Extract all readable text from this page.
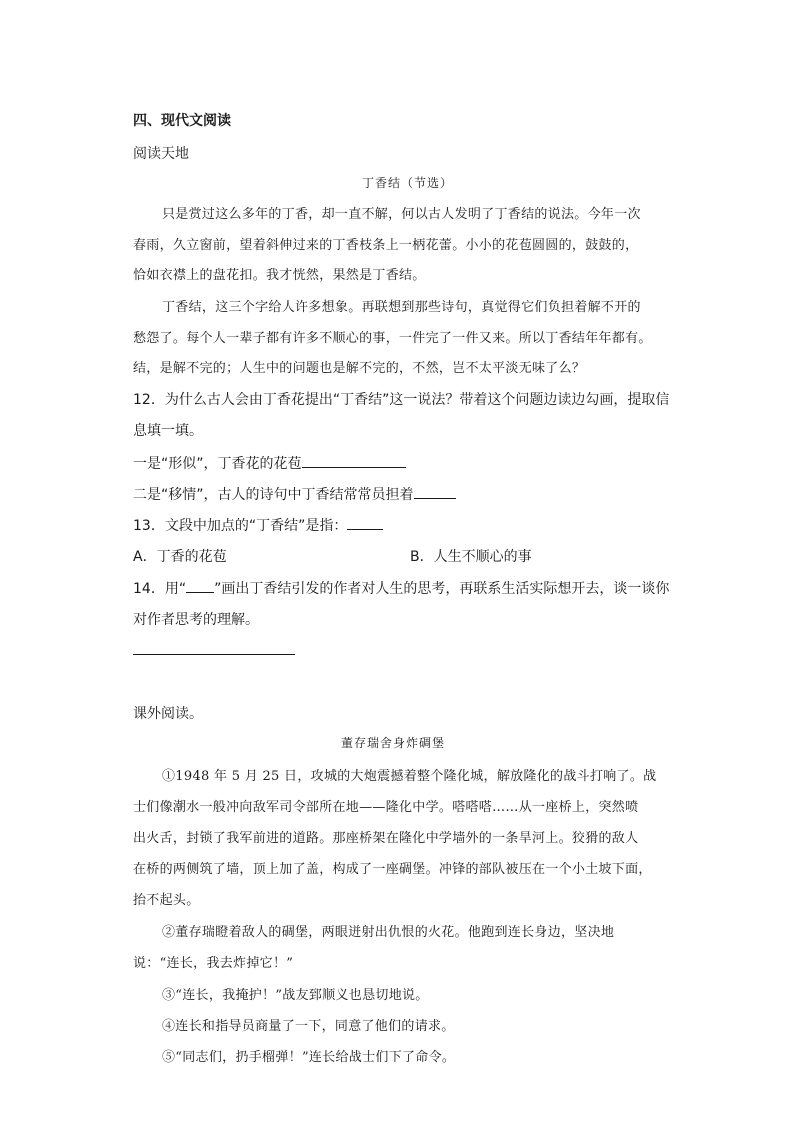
四、现代文阅读
阅读天地
丁香结（节选）
只是赏过这么多年的丁香，却一直不解，何以古人发明了丁香结的说法。今年一次
春雨，久立窗前，望着斜伸过来的丁香枝条上一柄花蕾。小小的花苞圆圆的，鼓鼓的，
恰如衣襟上的盘花扣。我才恍然，果然是丁香结。
丁香结，这三个字给人许多想象。再联想到那些诗句，真觉得它们负担着解不开的
愁怨了。每个人一辈子都有许多不顺心的事，一件完了一件又来。所以丁香结年年都有。
结，是解不完的；人生中的问题也是解不完的，不然，岂不太平淡无味了么？
12．为什么古人会由丁香花提出“丁香结”这一说法？带着这个问题边读边勾画，提取信
息填一填。
一是“形似”，丁香花的花苞
二是“移情”，古人的诗句中丁香结常常员担着
13．文段中加点的“丁香结”是指：
A．丁香的花苞	B．人生不顺心的事
14．用“ ”画出丁香结引发的作者对人生的思考，再联系生活实际想开去，谈一谈你
对作者思考的理解。
课外阅读。
董存瑞舍身炸碉堡
①1948 年 5 月 25 日，攻城的大炮震撼着整个隆化城，解放隆化的战斗打响了。战
士们像潮水一般冲向敌军司令部所在地——隆化中学。嗒嗒嗒……从一座桥上，突然喷
出火舌，封锁了我军前进的道路。那座桥架在隆化中学墙外的一条旱河上。狡猾的敌人
在桥的两侧筑了墙，顶上加了盖，构成了一座碉堡。冲锋的部队被压在一个小土坡下面，
抬不起头。
②董存瑞瞪着敌人的碉堡，两眼迸射出仇恨的火花。他跑到连长身边，坚决地
说：“连长，我去炸掉它！”
③“连长，我掩护！”战友郅顺义也恳切地说。
④连长和指导员商量了一下，同意了他们的请求。
⑤“同志们，扔手榴弹！”连长给战士们下了命令。
